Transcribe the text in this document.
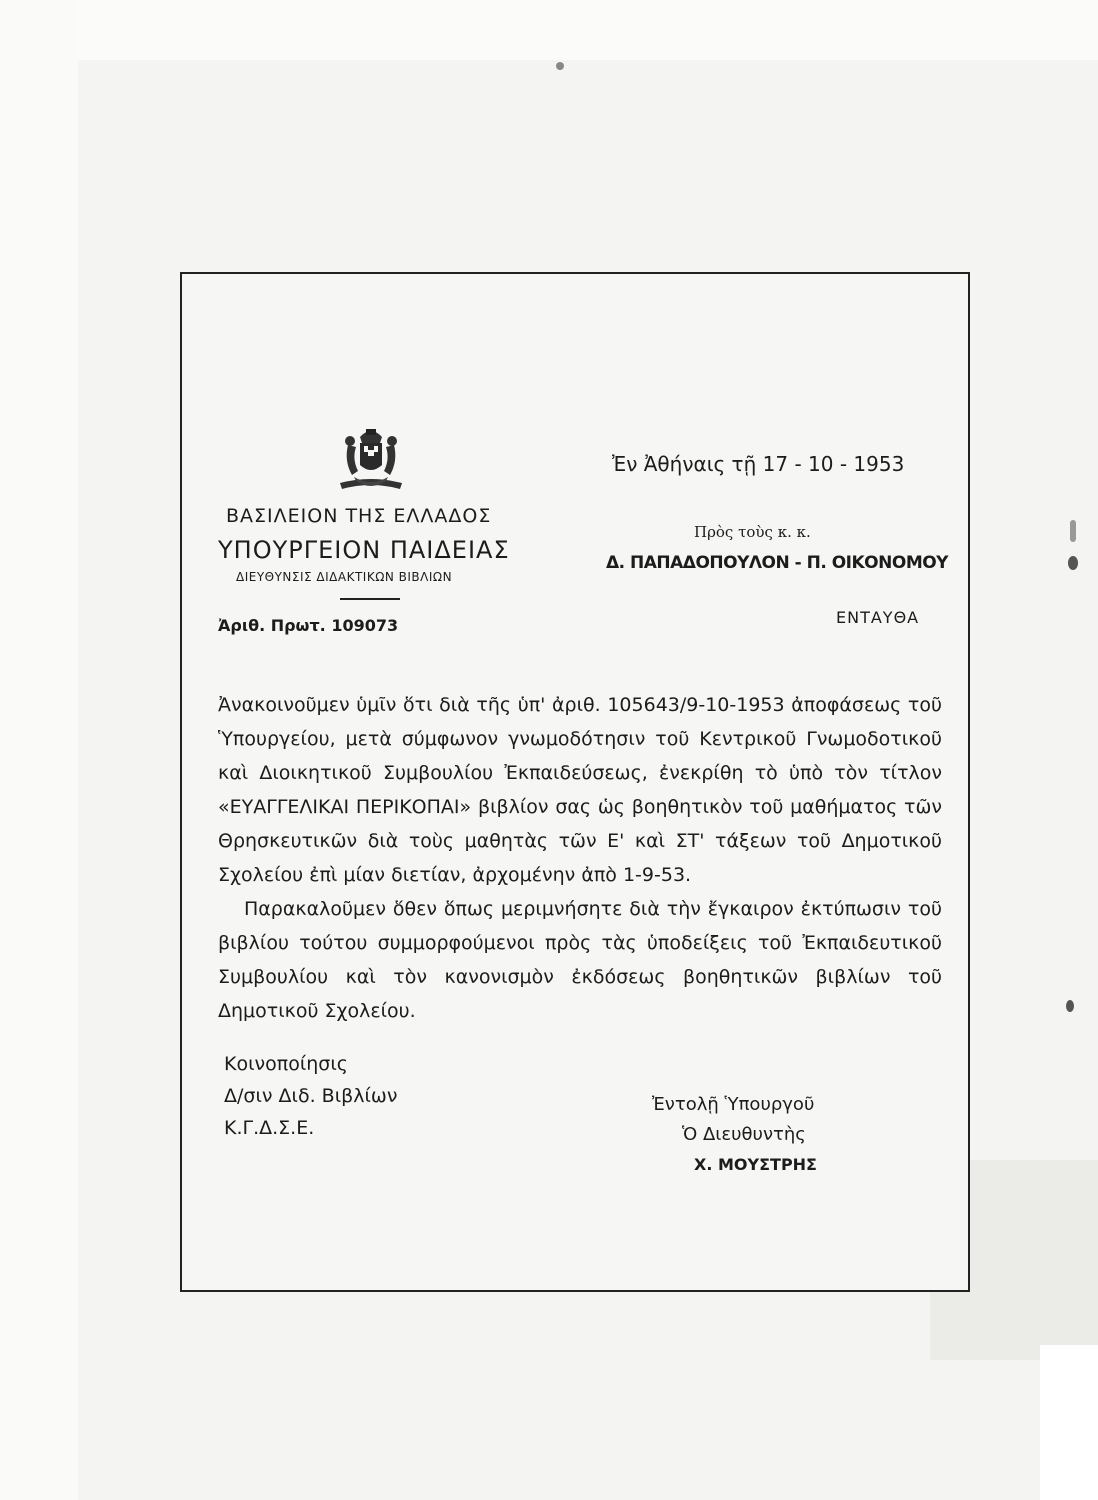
ΒΑΣΙΛΕΙΟΝ ΤΗΣ ΕΛΛΑΔΟΣ
ΥΠΟΥΡΓΕΙΟΝ ΠΑΙΔΕΙΑΣ
ΔΙΕΥΘΥΝΣΙΣ ΔΙΔΑΚΤΙΚΩΝ ΒΙΒΛΙΩΝ
Ἀριθ. Πρωτ. 109073
Ἐν Ἀθήναις τῇ 17 - 10 - 1953
Πρὸς τοὺς κ. κ.
Δ. ΠΑΠΑΔΟΠΟΥΛΟΝ - Π. ΟΙΚΟΝΟΜΟΥ
ΕΝΤΑΥΘΑ

Ἀνακοινοῦμεν ὑμῖν ὅτι διὰ τῆς ὑπ' ἀριθ. 105643/9-10-1953 ἀποφάσεως τοῦ Ὑπουργείου, μετὰ σύμφωνον γνωμοδότησιν τοῦ Κεντρικοῦ Γνωμοδοτικοῦ καὶ Διοικητικοῦ Συμβουλίου Ἐκπαιδεύσεως, ἐνεκρίθη τὸ ὑπὸ τὸν τίτλον «ΕΥΑΓΓΕΛΙΚΑΙ ΠΕΡΙΚΟΠΑΙ» βιβλίον σας ὡς βοηθητικὸν τοῦ μαθήματος τῶν Θρησκευτικῶν διὰ τοὺς μαθητὰς τῶν Ε' καὶ ΣΤ' τάξεων τοῦ Δημοτικοῦ Σχολείου ἐπὶ μίαν διετίαν, ἀρχομένην ἀπὸ 1-9-53.

Παρακαλοῦμεν ὅθεν ὅπως μεριμνήσητε διὰ τὴν ἔγκαιρον ἐκτύπωσιν τοῦ βιβλίου τούτου συμμορφούμενοι πρὸς τὰς ὑποδείξεις τοῦ Ἐκπαιδευτικοῦ Συμβουλίου καὶ τὸν κανονισμὸν ἐκδόσεως βοηθητικῶν βιβλίων τοῦ Δημοτικοῦ Σχολείου.

Κοινοποίησις
Δ/σιν Διδ. Βιβλίων
Κ.Γ.Δ.Σ.Ε.
Ἐντολῇ Ὑπουργοῦ
Ὁ Διευθυντὴς
Χ. ΜΟΥΣΤΡΗΣ
